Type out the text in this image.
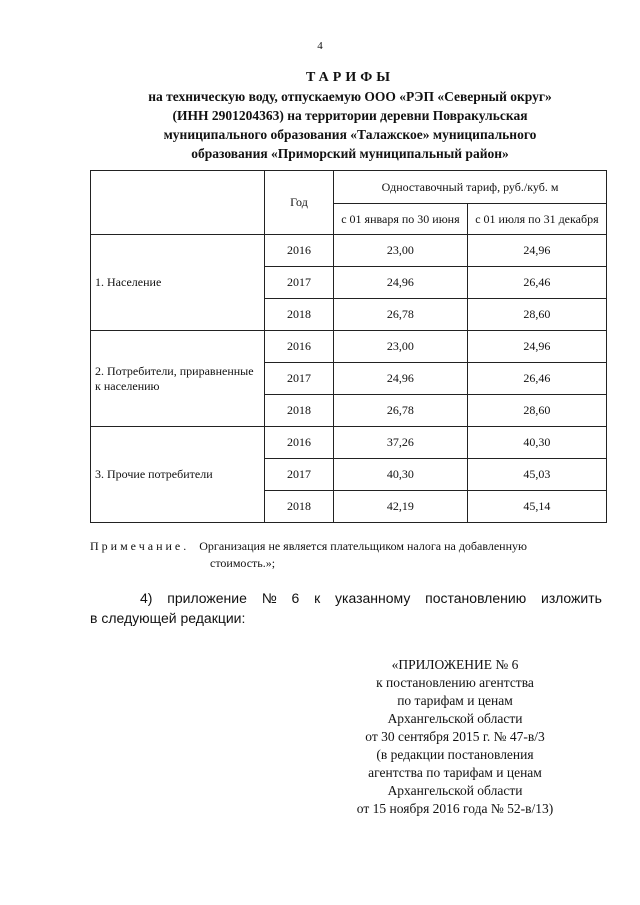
4
ТАРИФЫ
на техническую воду, отпускаемую ООО «РЭП «Северный округ»
(ИНН 2901204363) на территории деревни Повракульская
муниципального образования «Талажское» муниципального
образования «Приморский муниципальный район»
	Год	Одноставочный тариф, руб./куб. м	
		с 01 января по 30 июня	с 01 июля по 31 декабря
1. Население	2016	23,00	24,96
	2017	24,96	26,46
	2018	26,78	28,60
2. Потребители, приравненные к населению	2016	23,00	24,96
	2017	24,96	26,46
	2018	26,78	28,60
3. Прочие потребители	2016	37,26	40,30
	2017	40,30	45,03
	2018	42,19	45,14
Примечание. Организация не является плательщиком налога на добавленную
стоимость.»;
4) приложение № 6 к указанному постановлению изложить
в следующей редакции:
«ПРИЛОЖЕНИЕ № 6
к постановлению агентства
по тарифам и ценам
Архангельской области
от 30 сентября 2015 г. № 47-в/3
(в редакции постановления
агентства по тарифам и ценам
Архангельской области
от 15 ноября 2016 года № 52-в/13)
